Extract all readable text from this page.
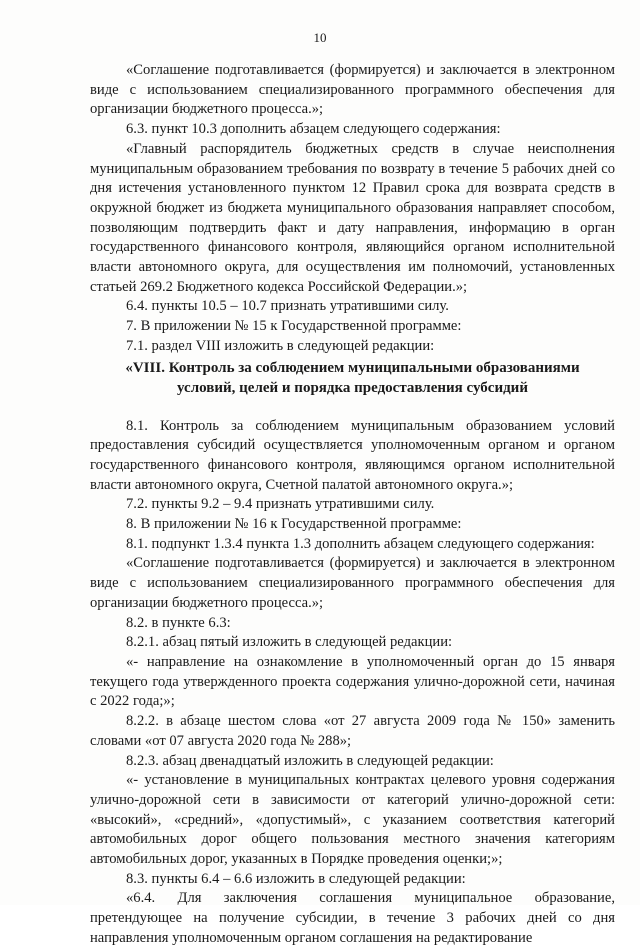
10

«Соглашение подготавливается (формируется) и заключается в электронном виде с использованием специализированного программного обеспечения для организации бюджетного процесса.»;

6.3. пункт 10.3 дополнить абзацем следующего содержания:

«Главный распорядитель бюджетных средств в случае неисполнения муниципальным образованием требования по возврату в течение 5 рабочих дней со дня истечения установленного пунктом 12 Правил срока для возврата средств в окружной бюджет из бюджета муниципального образования направляет способом, позволяющим подтвердить факт и дату направления, информацию в орган государственного финансового контроля, являющийся органом исполнительной власти автономного округа, для осуществления им полномочий, установленных статьей 269.2 Бюджетного кодекса Российской Федерации.»;

6.4. пункты 10.5 – 10.7 признать утратившими силу.

7. В приложении № 15 к Государственной программе:

7.1. раздел VIII изложить в следующей редакции:

«VIII. Контроль за соблюдением муниципальными образованиями
условий, целей и порядка предоставления субсидий

8.1. Контроль за соблюдением муниципальным образованием условий предоставления субсидий осуществляется уполномоченным органом и органом государственного финансового контроля, являющимся органом исполнительной власти автономного округа, Счетной палатой автономного округа.»;

7.2. пункты 9.2 – 9.4 признать утратившими силу.

8. В приложении № 16 к Государственной программе:

8.1. подпункт 1.3.4 пункта 1.3 дополнить абзацем следующего содержания:

«Соглашение подготавливается (формируется) и заключается в электронном виде с использованием специализированного программного обеспечения для организации бюджетного процесса.»;

8.2. в пункте 6.3:

8.2.1. абзац пятый изложить в следующей редакции:

«- направление на ознакомление в уполномоченный орган до 15 января текущего года утвержденного проекта содержания улично-дорожной сети, начиная с 2022 года;»;

8.2.2. в абзаце шестом слова «от 27 августа 2009 года № 150» заменить словами «от 07 августа 2020 года № 288»;

8.2.3. абзац двенадцатый изложить в следующей редакции:

«- установление в муниципальных контрактах целевого уровня содержания улично-дорожной сети в зависимости от категорий улично-дорожной сети: «высокий», «средний», «допустимый», с указанием соответствия категорий автомобильных дорог общего пользования местного значения категориям автомобильных дорог, указанных в Порядке проведения оценки;»;

8.3. пункты 6.4 – 6.6 изложить в следующей редакции:

«6.4. Для заключения соглашения муниципальное образование, претендующее на получение субсидии, в течение 3 рабочих дней со дня направления уполномоченным органом соглашения на редактирование
